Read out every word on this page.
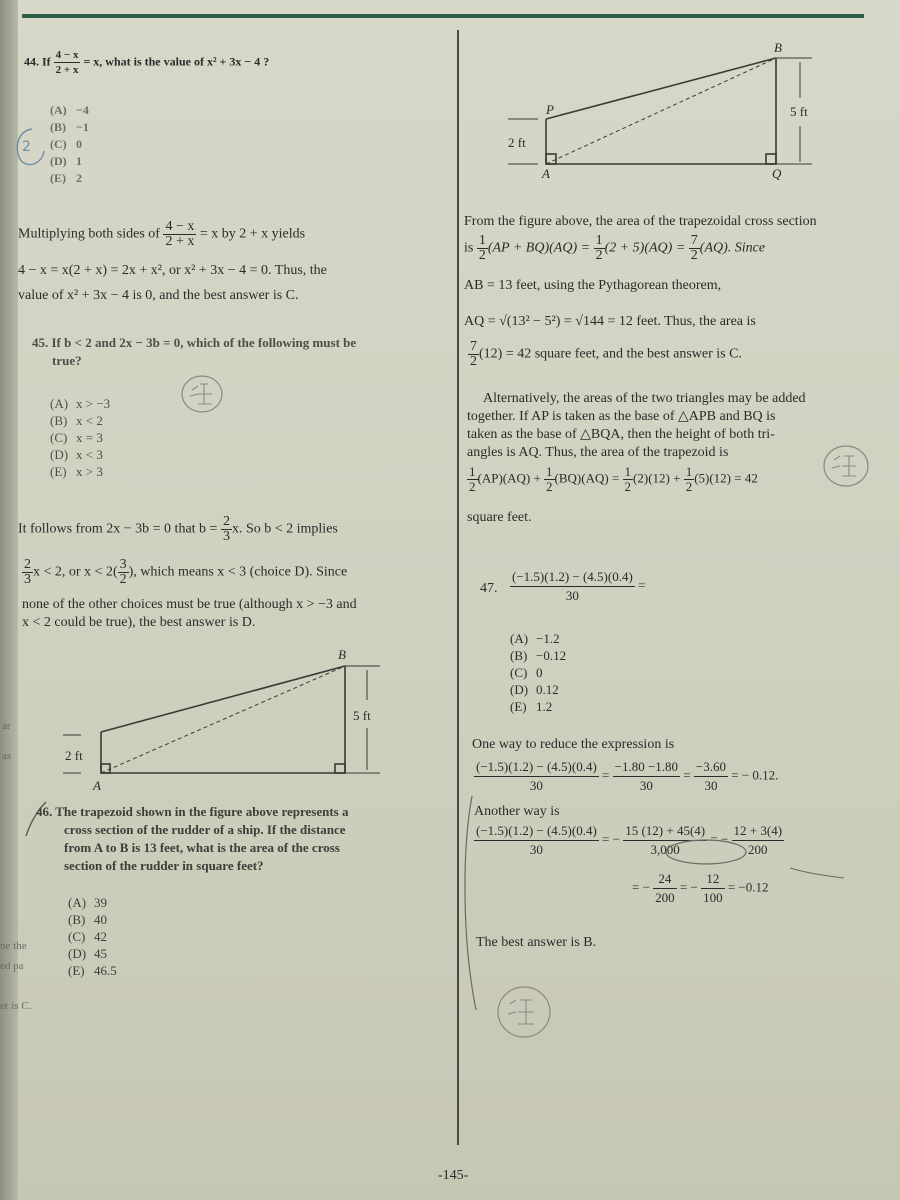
ar
as
ne the
ed pa
er is C.
44. If $\frac{4 - x}{2 + x} = x$, what is the value of x² + 3x − 4 ?
(A) −4
(B) −1
(C) 0
(D) 1
(E) 2
2
Multiplying both sides of $\frac{4 - x}{2 + x} = x$ by 2 + x yields
4 − x = x(2 + x) = 2x + x², or x² + 3x − 4 = 0. Thus, the
value of x² + 3x − 4 is 0, and the best answer is C.
45. If b < 2 and 2x − 3b = 0, which of the following must be
true?
(A) x > −3
(B) x < 2
(C) x = 3
(D) x < 3
(E) x > 3
It follows from 2x − 3b = 0 that $b = \frac{2}{3} x$. So b < 2 implies
$\frac{2}{3}$ x < 2, or $x < 2( \frac{3}{2}$ ), which means x < 3 (choice D). Since
none of the other choices must be true (although x > −3 and
x < 2 could be true), the best answer is D.
B
A
5 ft
2 ft
46. The trapezoid shown in the figure above represents a
cross section of the rudder of a ship. If the distance
from A to B is 13 feet, what is the area of the cross
section of the rudder in square feet?
(A) 39
(B) 40
(C) 42
(D) 45
(E) 46.5
B
P
A	Q
5 ft
2 ft
From the figure above, the area of the trapezoidal cross section
is $\frac{1}{2} (AP + BQ)(AQ) = \frac{1}{2} (2 + 5)(AQ) = \frac{7}{2} (AQ)$. Since
AB = 13 feet, using the Pythagorean theorem,
AQ = √(13² − 5²) = √144 = 12 feet. Thus, the area is
$\frac{7}{2} (12) = 42$ square feet, and the best answer is C.
Alternatively, the areas of the two triangles may be added
together. If AP is taken as the base of △APB and BQ is
taken as the base of △BQA, then the height of both tri-
angles is AQ. Thus, the area of the trapezoid is
$\frac{1}{2} (AP)(AQ) + \frac{1}{2} (BQ)(AQ) = \frac{1}{2} (2)(12) + \frac{1}{2} (5)(12) = 42$
square feet.
47. $\frac{(-1.5)(1.2) - (4.5)(0.4)}{30}$ =
(A) −1.2
(B) −0.12
(C) 0
(D) 0.12
(E) 1.2
One way to reduce the expression is
$\frac{(-1.5)(1.2) - (4.5)(0.4)}{30} = \frac{-1.80 -1.80}{30} = \frac{-3.60}{30}$ = − 0.12.
Another way is
$\frac{(-1.5)(1.2) - (4.5)(0.4)}{30}$ = − $\frac{15 (12) + 45(4)}{3,000}$ = − $\frac{12 + 3(4)}{200}$
= − $\frac{24}{200}$ = − $\frac{12}{100} = -0.12$
The best answer is B.
-145-
